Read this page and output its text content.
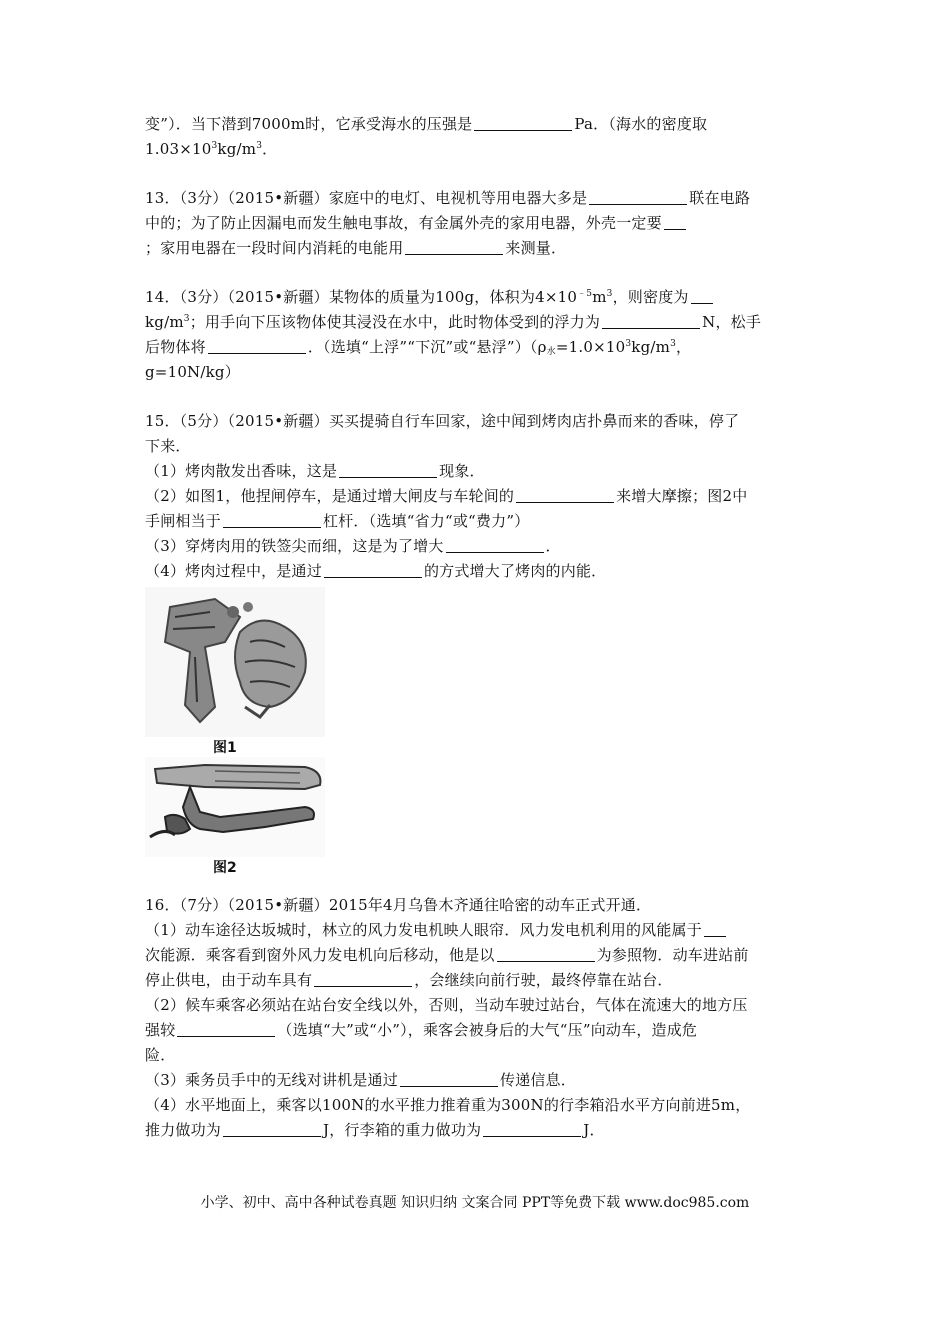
变”）．当下潜到7000m时，它承受海水的压强是	Pa．（海水的密度取
$1.03\times 10^3kg/m^3$．
13．（3分）（2015•新疆）家庭中的电灯、电视机等用电器大多是	联在电路
中的；为了防止因漏电而发生触电事故，有金属外壳的家用电器，外壳一定要
；家用电器在一段时间内消耗的电能用	来测量．
14．（3分）（2015•新疆）某物体的质量为100g，体积为$4\times 10^{﹣5}m^3$，则密度为
$kg/m^3$；用手向下压该物体使其浸没在水中，此时物体受到的浮力为	N，松手
后物体将	．（选填“上浮”“下沉”或“悬浮$”)(\rho_水=1.0\times 10^3kg/m^3$，
g=10N/kg）
15．（5分）（2015•新疆）买买提骑自行车回家，途中闻到烤肉店扑鼻而来的香味，停了
下来．
（1）烤肉散发出香味，这是	现象．
（2）如图1，他捏闸停车，是通过增大闸皮与车轮间的	来增大摩擦；图2中
手闸相当于	杠杆．（选填“省力“或“费力”）
（3）穿烤肉用的铁签尖而细，这是为了增大	．
（4）烤肉过程中，是通过	的方式增大了烤肉的内能．
图1
图2
16．（7分）（2015•新疆）2015年4月乌鲁木齐通往哈密的动车正式开通．
（1）动车途径达坂城时，林立的风力发电机映人眼帘．风力发电机利用的风能属于
次能源．乘客看到窗外风力发电机向后移动，他是以	为参照物．动车进站前
停止供电，由于动车具有	，会继续向前行驶，最终停靠在站台．
（2）候车乘客必须站在站台安全线以外，否则，当动车驶过站台，气体在流速大的地方压
强较	（选填“大”或“小”），乘客会被身后的大气“压”向动车，造成危
险．
（3）乘务员手中的无线对讲机是通过	传递信息．
（4）水平地面上，乘客以100N的水平推力推着重为300N的行李箱沿水平方向前进5m，
推力做功为	J，行李箱的重力做功为	J．
小学、初中、高中各种试卷真题 知识归纳 文案合同 PPT等免费下载 www.doc985.com
